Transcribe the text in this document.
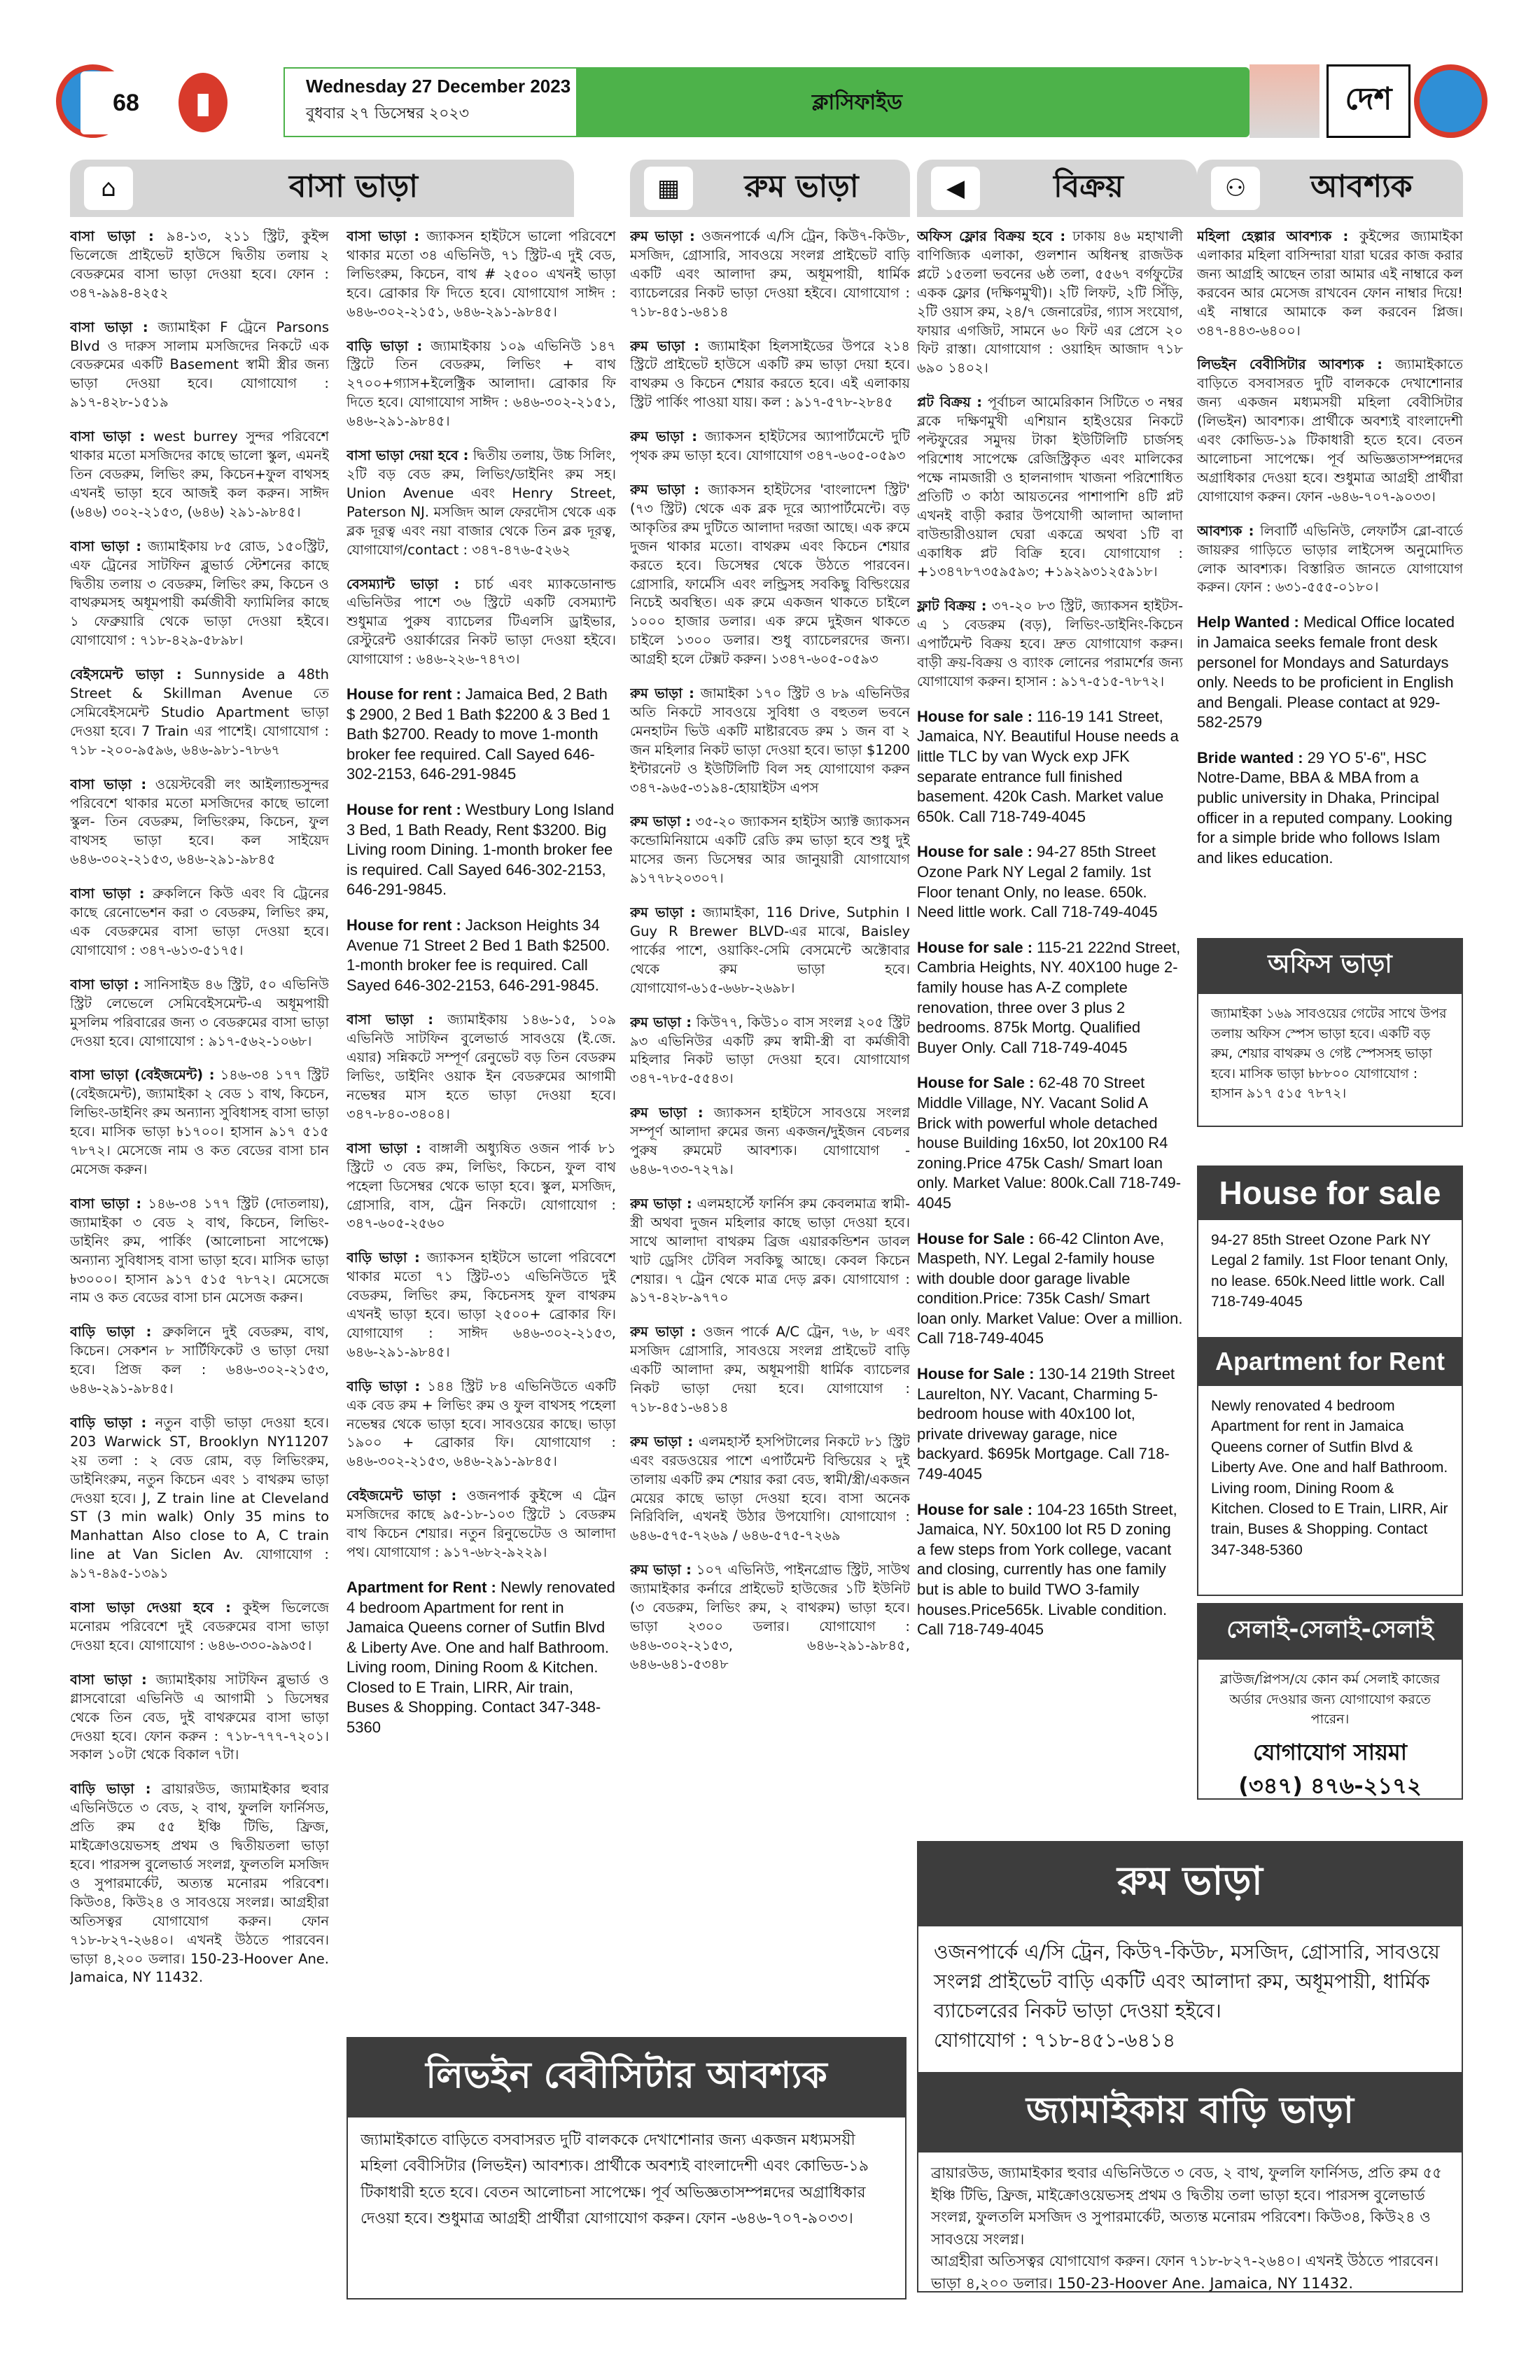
68	▮	Wednesday 27 December 2023
বুধবার ২৭ ডিসেম্বর ২০২৩	ক্লাসিফাইড	দেশ
⌂	বাসা ভাড়া	▦	রুম ভাড়া	◀	বিক্রয়	⚇	আবশ্যক
বাসা ভাড়া : ৯৪-১৩, ২১১ স্ট্রিট, কুইন্স ভিলেজে প্রাইভেট হাউসে দ্বিতীয় তলায় ২ বেডরুমের বাসা ভাড়া দেওয়া হবে। ফোন : ৩৪৭-৯৯৪-৪২৫২
বাসা ভাড়া : জ্যামাইকা F ট্রেনে Parsons Blvd ও দারুস সালাম মসজিদের নিকটে এক বেডরুমের একটি Basement স্বামী স্ত্রীর জন্য ভাড়া দেওয়া হবে। যোগাযোগ : ৯১৭-৪২৮-১৫১৯
বাসা ভাড়া : west burrey সুন্দর পরিবেশে থাকার মতো মসজিদের কাছে ভালো স্কুল, এমনই তিন বেডরুম, লিভিং রুম, কিচেন+ফুল বাথসহ এখনই ভাড়া হবে আজই কল করুন। সাঈদ (৬৪৬) ৩০২-২১৫৩, (৬৪৬) ২৯১-৯৮৪৫।
বাসা ভাড়া : জ্যামাইকায় ৮৫ রোড, ১৫০স্ট্রিট, এফ ট্রেনের সাটফিন ব্লুভার্ড স্টেশনের কাছে দ্বিতীয় তলায় ৩ বেডরুম, লিভিং রুম, কিচেন ও বাথরুমসহ অধূমপায়ী কর্মজীবী ফ্যামিলির কাছে ১ ফেব্রুয়ারি থেকে ভাড়া দেওয়া হইবে। যোগাযোগ : ৭১৮-৪২৯-৫৮৯৮।
বেইসমেন্ট ভাড়া : Sunnyside a 48th Street & Skillman Avenue তে সেমিবেইসমেন্ট Studio Apartment ভাড়া দেওয়া হবে। 7 Train এর পাশেই। যোগাযোগ : ৭১৮ -২০০-৯৫৯৬, ৬৪৬-৯৮১-৭৮৬৭
বাসা ভাড়া : ওয়েস্টবেরী লং আইল্যান্ডসুন্দর পরিবেশে থাকার মতো মসজিদের কাছে ভালো স্কুল- তিন বেডরুম, লিভিংরুম, কিচেন, ফুল বাথসহ ভাড়া হবে। কল সাইয়েদ ৬৪৬-৩০২-২১৫৩, ৬৪৬-২৯১-৯৮৪৫
বাসা ভাড়া : ব্রুকলিনে কিউ এবং বি ট্রেনের কাছে রেনোভেশন করা ৩ বেডরুম, লিভিং রুম, এক বেডরুমের বাসা ভাড়া দেওয়া হবে। যোগাযোগ : ৩৪৭-৬১৩-৫১৭৫।
বাসা ভাড়া : সানিসাইড ৪৬ স্ট্রিট, ৫০ এভিনিউ স্ট্রিট লেভেলে সেমিবেইসমেন্ট-এ অধূমপায়ী মুসলিম পরিবারের জন্য ৩ বেডরুমের বাসা ভাড়া দেওয়া হবে। যোগাযোগ : ৯১৭-৫৬২-১০৬৮।
বাসা ভাড়া (বেইজমেন্ট) : ১৪৬-৩৪ ১৭৭ স্ট্রিট (বেইজমেন্ট), জ্যামাইকা ২ বেড ১ বাথ, কিচেন, লিভিং-ডাইনিং রুম অন্যান্য সুবিধাসহ বাসা ভাড়া হবে। মাসিক ভাড়া ৳১৭০০। হাসান ৯১৭ ৫১৫ ৭৮৭২। মেসেজে নাম ও কত বেডের বাসা চান মেসেজ করুন।
বাসা ভাড়া : ১৪৬-৩৪ ১৭৭ স্ট্রিট (দোতলায়), জ্যামাইকা ৩ বেড ২ বাথ, কিচেন, লিভিং-ডাইনিং রুম, পার্কিং (আলোচনা সাপেক্ষে) অন্যান্য সুবিধাসহ বাসা ভাড়া হবে। মাসিক ভাড়া ৳৩০০০। হাসান ৯১৭ ৫১৫ ৭৮৭২। মেসেজে নাম ও কত বেডের বাসা চান মেসেজ করুন।
বাড়ি ভাড়া : ব্রুকলিনে দুই বেডরুম, বাথ, কিচেন। সেকশন ৮ সার্টিফিকেট ও ভাড়া দেয়া হবে। প্রিজ কল : ৬৪৬-৩০২-২১৫৩, ৬৪৬-২৯১-৯৮৪৫।
বাড়ি ভাড়া : নতুন বাড়ী ভাড়া দেওয়া হবে। 203 Warwick ST, Brooklyn NY11207 ২য় তলা : ২ বেড রোম, বড় লিভিংরুম, ডাইনিংরুম, নতুন কিচেন এবং ১ বাথরুম ভাড়া দেওয়া হবে। J, Z train line at Cleveland ST (3 min walk) Only 35 mins to Manhattan Also close to A, C train line at Van Siclen Av. যোগাযোগ : ৯১৭-৪৯৫-১৩৯১
বাসা ভাড়া দেওয়া হবে : কুইন্স ভিলেজে মনোরম পরিবেশে দুই বেডরুমের বাসা ভাড়া দেওয়া হবে। যোগাযোগ : ৬৪৬-৩৩০-৯৯৩৫।
বাসা ভাড়া : জ্যামাইকায় সাটফিন ব্লুভার্ড ও গ্লাসবোরো এভিনিউ এ আগামী ১ ডিসেম্বর থেকে তিন বেড, দুই বাথরুমের বাসা ভাড়া দেওয়া হবে। ফোন করুন : ৭১৮-৭৭৭-৭২০১। সকাল ১০টা থেকে বিকাল ৭টা।
বাড়ি ভাড়া : ব্রায়ারউড, জ্যামাইকার হুবার এভিনিউতে ৩ বেড, ২ বাথ, ফুললি ফার্নিসড, প্রতি রুম ৫৫ ইঞ্চি টিভি, ফ্রিজ, মাইক্রোওয়েভসহ প্রথম ও দ্বিতীয়তলা ভাড়া হবে। পারসন্স বুলেভার্ড সংলগ্ন, ফুলতলি মসজিদ ও সুপারমার্কেট, অত্যন্ত মনোরম পরিবেশ। কিউ৩৪, কিউ২৪ ও সাবওয়ে সংলগ্ন। আগ্রহীরা অতিসত্বর যোগাযোগ করুন। ফোন ৭১৮-৮২৭-২৬৪০। এখনই উঠতে পারবেন। ভাড়া ৪,২০০ ডলার। 150-23-Hoover Ane. Jamaica, NY 11432.
বাসা ভাড়া : জ্যাকসন হাইটসে ভালো পরিবেশে থাকার মতো ৩৪ এভিনিউ, ৭১ স্ট্রিট-এ দুই বেড, লিভিংরুম, কিচেন, বাথ # ২৫০০ এখনই ভাড়া হবে। ব্রোকার ফি দিতে হবে। যোগাযোগ সাঈদ : ৬৪৬-৩০২-২১৫১, ৬৪৬-২৯১-৯৮৪৫।
বাড়ি ভাড়া : জ্যামাইকায় ১০৯ এভিনিউ ১৪৭ স্ট্রিটে তিন বেডরুম, লিভিং + বাথ ২৭০০+গ্যাস+ইলেক্ট্রিক আলাদা। ব্রোকার ফি দিতে হবে। যোগাযোগ সাঈদ : ৬৪৬-৩০২-২১৫১, ৬৪৬-২৯১-৯৮৪৫।
বাসা ভাড়া দেয়া হবে : দ্বিতীয় তলায়, উচ্চ সিলিং, ২টি বড় বেড রুম, লিভিং/ডাইনিং রুম সহ। Union Avenue এবং Henry Street, Paterson NJ. মসজিদ আল ফেরদৌস থেকে এক ব্লক দূরত্ব এবং নয়া বাজার থেকে তিন ব্লক দূরত্ব, যোগাযোগ/contact : ৩৪৭-৪৭৬-৫২৬২
বেসম্যান্ট ভাড়া : চার্চ এবং ম্যাকডোনাল্ড এভিনিউর পাশে ৩৬ স্ট্রিটে একটি বেসম্যান্ট শুধুমাত্র পুরুষ ব্যাচেলর টিএলসি ড্রাইভার, রেস্টুরেন্ট ওয়ার্কারের নিকট ভাড়া দেওয়া হইবে। যোগাযোগ : ৬৪৬-২২৬-৭৪৭৩।
House for rent : Jamaica Bed, 2 Bath $ 2900, 2 Bed 1 Bath $2200 & 3 Bed 1 Bath $2700. Ready to move 1-month broker fee required. Call Sayed 646-302-2153, 646-291-9845
House for rent : Westbury Long Island 3 Bed, 1 Bath Ready, Rent $3200. Big Living room Dining. 1-month broker fee is required. Call Sayed 646-302-2153, 646-291-9845.
House for rent : Jackson Heights 34 Avenue 71 Street 2 Bed 1 Bath $2500. 1-month broker fee is required. Call Sayed 646-302-2153, 646-291-9845.
বাসা ভাড়া : জ্যামাইকায় ১৪৬-১৫, ১০৯ এভিনিউ সাটফিন বুলেভার্ড সাবওয়ে (ই.জে. এয়ার) সন্নিকটে সম্পূর্ণ রেনুভেট বড় তিন বেডরুম লিভিং, ডাইনিং ওয়াক ইন বেডরুমের আগামী নভেম্বর মাস হতে ভাড়া দেওয়া হবে। ৩৪৭-৮৪০-৩৪০৪।
বাসা ভাড়া : বাঙ্গালী অধ্যুষিত ওজন পার্ক ৮১ স্ট্রিটে ৩ বেড রুম, লিভিং, কিচেন, ফুল বাথ পহেলা ডিসেম্বর থেকে ভাড়া হবে। স্কুল, মসজিদ, গ্রোসারি, বাস, ট্রেন নিকটে। যোগাযোগ : ৩৪৭-৬০৫-২৫৬০
বাড়ি ভাড়া : জ্যাকসন হাইটসে ভালো পরিবেশে থাকার মতো ৭১ স্ট্রিট-৩১ এভিনিউতে দুই বেডরুম, লিভিং রুম, কিচেনসহ ফুল বাথরুম এখনই ভাড়া হবে। ভাড়া ২৫০০+ ব্রোকার ফি। যোগাযোগ : সাঈদ ৬৪৬-৩০২-২১৫৩, ৬৪৬-২৯১-৯৮৪৫।
বাড়ি ভাড়া : ১৪৪ স্ট্রিট ৮৪ এভিনিউতে একটি এক বেড রুম + লিভিং রুম ও ফুল বাথসহ পহেলা নভেম্বর থেকে ভাড়া হবে। সাবওয়ের কাছে। ভাড়া ১৯০০ + ব্রোকার ফি। যোগাযোগ : ৬৪৬-৩০২-২১৫৩, ৬৪৬-২৯১-৯৮৪৫।
বেইজমেন্ট ভাড়া : ওজনপার্ক কুইন্সে এ ট্রেন মসজিদের কাছে ৯৫-১৮-১০৩ স্ট্রিটে ১ বেডরুম বাথ কিচেন শেয়ার। নতুন রিনুভেটেড ও আলাদা পথ। যোগাযোগ : ৯১৭-৬৮২-৯২২৯।
Apartment for Rent : Newly renovated 4 bedroom Apartment for rent in Jamaica Queens corner of Sutfin Blvd & Liberty Ave. One and half Bathroom. Living room, Dining Room & Kitchen. Closed to E Train, LIRR, Air train, Buses & Shopping. Contact 347-348-5360
রুম ভাড়া : ওজনপার্কে এ/সি ট্রেন, কিউ৭-কিউ৮, মসজিদ, গ্রোসারি, সাবওয়ে সংলগ্ন প্রাইভেট বাড়ি একটি এবং আলাদা রুম, অধূমপায়ী, ধার্মিক ব্যাচেলরের নিকট ভাড়া দেওয়া হইবে। যোগাযোগ : ৭১৮-৪৫১-৬৪১৪
রুম ভাড়া : জ্যামাইকা হিলসাইডের উপরে ২১৪ স্ট্রিটে প্রাইভেট হাউসে একটি রুম ভাড়া দেয়া হবে। বাথরুম ও কিচেন শেয়ার করতে হবে। এই এলাকায় স্ট্রিট পার্কিং পাওয়া যায়। কল : ৯১৭-৫৭৮-২৮৪৫
রুম ভাড়া : জ্যাকসন হাইটসের অ্যাপার্টমেন্টে দুটি পৃথক রুম ভাড়া হবে। যোগাযোগ ৩৪৭-৬০৫-০৫৯৩
রুম ভাড়া : জ্যাকসন হাইটসের 'বাংলাদেশ স্ট্রিট' (৭৩ স্ট্রিট) থেকে এক ব্লক দূরে অ্যাপার্টমেন্টে। বড় আকৃতির রুম দুটিতে আলাদা দরজা আছে। এক রুমে দুজন থাকার মতো। বাথরুম এবং কিচেন শেয়ার করতে হবে। ডিসেম্বর থেকে উঠতে পারবেন। গ্রোসারি, ফার্মেসি এবং লন্ড্রিসহ সবকিছু বিল্ডিংয়ের নিচেই অবস্থিত। এক রুমে একজন থাকতে চাইলে ১০০০ হাজার ডলার। এক রুমে দুইজন থাকতে চাইলে ১৩০০ ডলার। শুধু ব্যাচেলরদের জন্য। আগ্রহী হলে টেক্সট করুন। ১৩৪৭-৬০৫-০৫৯৩
রুম ভাড়া : জামাইকা ১৭০ স্ট্রিট ও ৮৯ এভিনিউর অতি নিকটে সাবওয়ে সুবিধা ও বহুতল ভবনে মেনহাটন ভিউ একটি মাষ্টারবেড রুম ১ জন বা ২ জন মহিলার নিকট ভাড়া দেওয়া হবে। ভাড়া $1200 ইন্টারনেট ও ইউটিলিটি বিল সহ যোগাযোগ করুন ৩৪৭-৯৬৫-৩১৯৪-হোয়াইটস এপস
রুম ভাড়া : ৩৫-২০ জ্যাকসন হাইটস অ্যাক্ট জ্যাকসন কন্ডোমিনিয়ামে একটি রেডি রুম ভাড়া হবে শুধু দুই মাসের জন্য ডিসেম্বর আর জানুয়ারী যোগাযোগ ৯১৭৭৮২০৩০৭।
রুম ভাড়া : জ্যামাইকা, 116 Drive, Sutphin I Guy R Brewer BLVD-এর মাঝে, Baisley পার্কের পাশে, ওয়াকিং-সেমি বেসমেন্টে অক্টোবার থেকে রুম ভাড়া হবে। যোগাযোগ-৬১৫-৬৬৮-২৬৯৮।
রুম ভাড়া : কিউ৭৭, কিউ১০ বাস সংলগ্ন ২০৫ স্ট্রিট ৯৩ এভিনিউর একটি রুম স্বামী-স্ত্রী বা কর্মজীবী মহিলার নিকট ভাড়া দেওয়া হবে। যোগাযোগ ৩৪৭-৭৮৫-৫৫৪৩।
রুম ভাড়া : জ্যাকসন হাইটসে সাবওয়ে সংলগ্ন সম্পূর্ণ আলাদা রুমের জন্য একজন/দুইজন বেচলর পুরুষ রুমমেট আবশ্যক। যোগাযোগ - ৬৪৬-৭৩৩-৭২৭৯।
রুম ভাড়া : এলমহার্স্টে ফার্নিস রুম কেবলমাত্র স্বামী-স্ত্রী অথবা দুজন মহিলার কাছে ভাড়া দেওয়া হবে। সাথে আলাদা বাথরুম ব্রিজ এয়ারকন্ডিশন ডাবল খাট ড্রেসিং টেবিল সবকিছু আছে। কেবল কিচেন শেয়ার। ৭ ট্রেন থেকে মাত্র দেড় ব্লক। যোগাযোগ : ৯১৭-৪২৮-৯৭৭০
রুম ভাড়া : ওজন পার্কে A/C ট্রেন, ৭৬, ৮ এবং মসজিদ গ্রোসারি, সাবওয়ে সংলগ্ন প্রাইভেট বাড়ি একটি আলাদা রুম, অধূমপায়ী ধার্মিক ব্যাচেলর নিকট ভাড়া দেয়া হবে। যোগাযোগ : ৭১৮-৪৫১-৬৪১৪
রুম ভাড়া : এলমহার্স্ট হসপিটালের নিকটে ৮১ স্ট্রিট এবং বরডওয়ের পাশে এপার্টমেন্ট বিল্ডিয়ের ২ দুই তালায় একটি রুম শেয়ার করা বেড, স্বামী/স্ত্রী/একজন মেয়ের কাছে ভাড়া দেওয়া হবে। বাসা অনেক নিরিবিলি, এখনই উঠার উপযোগি। যোগাযোগ : ৬৪৬-৫৭৫-৭২৬৯ / ৬৪৬-৫৭৫-৭২৬৯
রুম ভাড়া : ১০৭ এভিনিউ, পাইনগ্রোভ স্ট্রিট, সাউথ জ্যামাইকার কর্নারে প্রাইভেট হাউজের ১টি ইউনিট (৩ বেডরুম, লিভিং রুম, ২ বাথরুম) ভাড়া হবে। ভাড়া ২৩০০ ডলার। যোগাযোগ : ৬৪৬-৩০২-২১৫৩, ৬৪৬-২৯১-৯৮৪৫, ৬৪৬-৬৪১-৫৩৪৮
অফিস ফ্লোর বিক্রয় হবে : ঢাকায় ৪৬ মহাখালী বাণিজ্যিক এলাকা, গুলশান অধিনস্থ রাজউক প্লটে ১৫তলা ভবনের ৬ষ্ঠ তলা, ৫৫৬৭ বর্গফুটের একক ফ্লোর (দক্ষিণমুখী)। ২টি লিফট, ২টি সিঁড়ি, ২টি ওয়াস রুম, ২৪/৭ জেনারেটর, গ্যাস সংযোগ, ফায়ার এগজিট, সামনে ৬০ ফিট এর প্রেসে ২০ ফিট রাস্তা। যোগাযোগ : ওয়াহিদ আজাদ ৭১৮ ৬৯০ ১৪০২।
প্লট বিক্রয় : পূর্বাচল আমেরিকান সিটিতে ৩ নম্বর ব্লকে দক্ষিণমুখী এশিয়ান হাইওয়ের নিকটে পল্টফুরের সমুদয় টাকা ইউটিলিটি চার্জসহ পরিশোধ সাপেক্ষে রেজিস্ট্রিকৃত এবং মালিকের পক্ষে নামজারী ও হালনাগাদ খাজনা পরিশোধিত প্রতিটি ৩ কাঠা আয়তনের পাশাপাশি ৪টি প্লট এখনই বাড়ী করার উপযোগী আলাদা আলাদা বাউন্ডারীওয়াল ঘেরা একত্রে অথবা ১টি বা একাধিক প্লট বিক্রি হবে। যোগাযোগ : +১৩৪৭৮৭৩৫৯৫৯৩; +১৯২৯৩১২৫৯১৮।
ফ্লাট বিক্রয় : ৩৭-২০ ৮৩ স্ট্রিট, জ্যাকসন হাইটস-এ ১ বেডরুম (বড়), লিভিং-ডাইনিং-কিচেন এপার্টমেন্ট বিক্রয় হবে। দ্রুত যোগাযোগ করুন। বাড়ী ক্রয়-বিক্রয় ও ব্যাংক লোনের পরামর্শের জন্য যোগাযোগ করুন। হাসান : ৯১৭-৫১৫-৭৮৭২।
House for sale : 116-19 141 Street, Jamaica, NY. Beautiful House needs a little TLC by van Wyck exp JFK separate entrance full finished basement. 420k Cash. Market value 650k. Call 718-749-4045
House for sale : 94-27 85th Street Ozone Park NY Legal 2 family. 1st Floor tenant Only, no lease. 650k. Need little work. Call 718-749-4045
House for sale : 115-21 222nd Street, Cambria Heights, NY. 40X100 huge 2-family house has A-Z complete renovation, three over 3 plus 2 bedrooms. 875k Mortg. Qualified Buyer Only. Call 718-749-4045
House for Sale : 62-48 70 Street Middle Village, NY. Vacant Solid A Brick with powerful whole detached house Building 16x50, lot 20x100 R4 zoning.Price 475k Cash/ Smart loan only. Market Value: 800k.Call 718-749-4045
House for Sale : 66-42 Clinton Ave, Maspeth, NY. Legal 2-family house with double door garage livable condition.Price: 735k Cash/ Smart loan only. Market Value: Over a million. Call 718-749-4045
House for Sale : 130-14 219th Street Laurelton, NY. Vacant, Charming 5-bedroom house with 40x100 lot, private driveway garage, nice backyard. $695k Mortgage. Call 718-749-4045
House for sale : 104-23 165th Street, Jamaica, NY. 50x100 lot R5 D zoning a few steps from York college, vacant and closing, currently has one family but is able to build TWO 3-family houses.Price565k. Livable condition. Call 718-749-4045
মহিলা হেল্পার আবশ্যক : কুইন্সের জ্যামাইকা এলাকার মহিলা বাসিন্দারা যারা ঘরের কাজ করার জন্য আগ্রহি আছেন তারা আমার এই নাম্বারে কল করবেন আর মেসেজ রাখবেন ফোন নাম্বার দিয়ে! এই নাম্বারে আমাকে কল করবেন প্লিজ। ৩৪৭-৪৪৩-৬৪০০।
লিভইন বেবীসিটার আবশ্যক : জ্যামাইকাতে বাড়িতে বসবাসরত দুটি বালককে দেখাশোনার জন্য একজন মধ্যমসয়ী মহিলা বেবীসিটার (লিভইন) আবশ্যক। প্রার্থীকে অবশ্যই বাংলাদেশী এবং কোভিড-১৯ টিকাধারী হতে হবে। বেতন আলোচনা সাপেক্ষে। পূর্ব অভিজ্ঞতাসম্পন্নদের অগ্রাধিকার দেওয়া হবে। শুধুমাত্র আগ্রহী প্রার্থীরা যোগাযোগ করুন। ফোন -৬৪৬-৭০৭-৯০৩৩।
আবশ্যক : লিবার্টি এভিনিউ, লেফার্টস ব্লো-বার্ডে জায়রুর গাড়িতে ভাড়ার লাইসেন্স অনুমোদিত লোক আবশ্যক। বিস্তারিত জানতে যোগাযোগ করুন। ফোন : ৬৩১-৫৫৫-০১৮০।
Help Wanted : Medical Office located in Jamaica seeks female front desk personel for Mondays and Saturdays only. Needs to be proficient in English and Bengali. Please contact at 929-582-2579
Bride wanted : 29 YO 5'-6", HSC Notre-Dame, BBA & MBA from a public university in Dhaka, Principal officer in a reputed company. Looking for a simple bride who follows Islam and likes education.
অফিস ভাড়া
জ্যামাইকা ১৬৯ সাবওয়ের গেটের সাথে উপর তলায় অফিস স্পেস ভাড়া হবে। একটি বড় রুম, শেয়ার বাথরুম ও গেষ্ট স্পেসসহ ভাড়া হবে। মাসিক ভাড়া ৳৮৮০০ যোগাযোগ : হাসান ৯১৭ ৫১৫ ৭৮৭২।
House for sale
94-27 85th Street Ozone Park NY Legal 2 family. 1st Floor tenant Only, no lease. 650k.Need little work. Call 718-749-4045
Apartment for Rent
Newly renovated 4 bedroom Apartment for rent in Jamaica Queens corner of Sutfin Blvd & Liberty Ave. One and half Bathroom. Living room, Dining Room & Kitchen. Closed to E Train, LIRR, Air train, Buses & Shopping. Contact 347-348-5360
সেলাই-সেলাই-সেলাই
ব্লাউজ/প্লিপস/যে কোন কর্ম সেলাই কাজের অর্ডার দেওয়ার জন্য যোগাযোগ করতে পারেন।
যোগাযোগ সায়মা
(৩৪৭) ৪৭৬-২১৭২
রুম ভাড়া
ওজনপার্কে এ/সি ট্রেন, কিউ৭-কিউ৮, মসজিদ, গ্রোসারি, সাবওয়ে সংলগ্ন প্রাইভেট বাড়ি একটি এবং আলাদা রুম, অধূমপায়ী, ধার্মিক ব্যাচেলরের নিকট ভাড়া দেওয়া হইবে।
যোগাযোগ : ৭১৮-৪৫১-৬৪১৪
লিভইন বেবীসিটার আবশ্যক
জ্যামাইকাতে বাড়িতে বসবাসরত দুটি বালককে দেখাশোনার জন্য একজন মধ্যমসয়ী মহিলা বেবীসিটার (লিভইন) আবশ্যক। প্রার্থীকে অবশ্যই বাংলাদেশী এবং কোভিড-১৯ টিকাধারী হতে হবে। বেতন আলোচনা সাপেক্ষে। পূর্ব অভিজ্ঞতাসম্পন্নদের অগ্রাধিকার দেওয়া হবে। শুধুমাত্র আগ্রহী প্রার্থীরা যোগাযোগ করুন। ফোন -৬৪৬-৭০৭-৯০৩৩।
জ্যামাইকায় বাড়ি ভাড়া
ব্রায়ারউড, জ্যামাইকার হুবার এভিনিউতে ৩ বেড, ২ বাথ, ফুললি ফার্নিসড, প্রতি রুম ৫৫ ইঞ্চি টিভি, ফ্রিজ, মাইক্রোওয়েভসহ প্রথম ও দ্বিতীয় তলা ভাড়া হবে। পারসন্স বুলেভার্ড সংলগ্ন, ফুলতলি মসজিদ ও সুপারমার্কেট, অত্যন্ত মনোরম পরিবেশ। কিউ৩৪, কিউ২৪ ও সাবওয়ে সংলগ্ন।
আগ্রহীরা অতিসত্বর যোগাযোগ করুন। ফোন ৭১৮-৮২৭-২৬৪০। এখনই উঠতে পারবেন। ভাড়া ৪,২০০ ডলার। 150-23-Hoover Ane. Jamaica, NY 11432.
